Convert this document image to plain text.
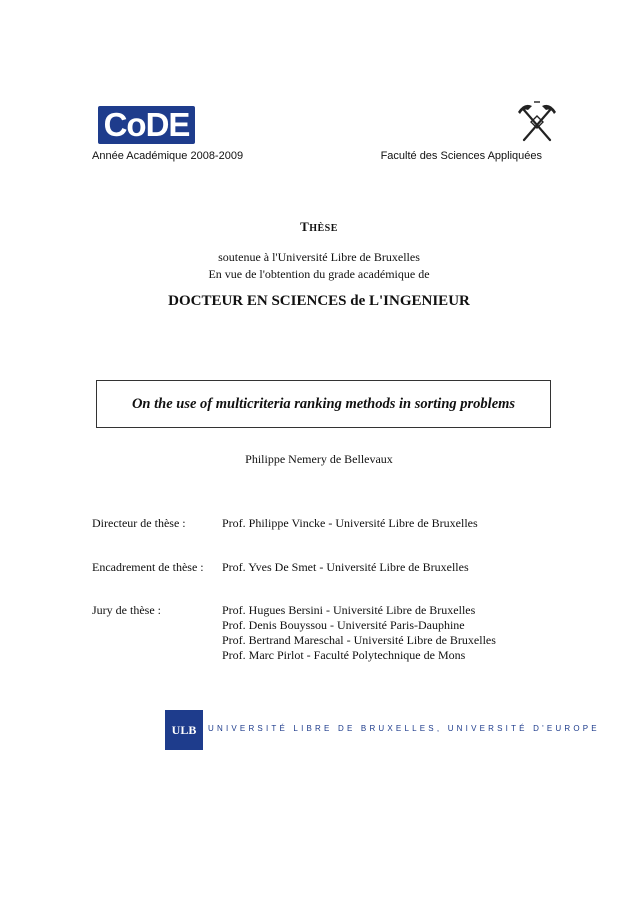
CoDE
Année Académique 2008-2009	Faculté des Sciences Appliquées
THÈSE
soutenue à l'Université Libre de Bruxelles
En vue de l'obtention du grade académique de
DOCTEUR EN SCIENCES de L'INGENIEUR
On the use of multicriteria ranking methods in sorting problems
Philippe Nemery de Bellevaux
Directeur de thèse :	Prof. Philippe Vincke - Université Libre de Bruxelles
Encadrement de thèse : Prof. Yves De Smet - Université Libre de Bruxelles
Jury de thèse :	Prof. Hugues Bersini - Université Libre de Bruxelles
Prof. Denis Bouyssou - Université Paris-Dauphine
Prof. Bertrand Mareschal - Université Libre de Bruxelles
Prof. Marc Pirlot - Faculté Polytechnique de Mons
ULB UNIVERSITÉ LIBRE DE BRUXELLES, UNIVERSITÉ D'EUROPE
